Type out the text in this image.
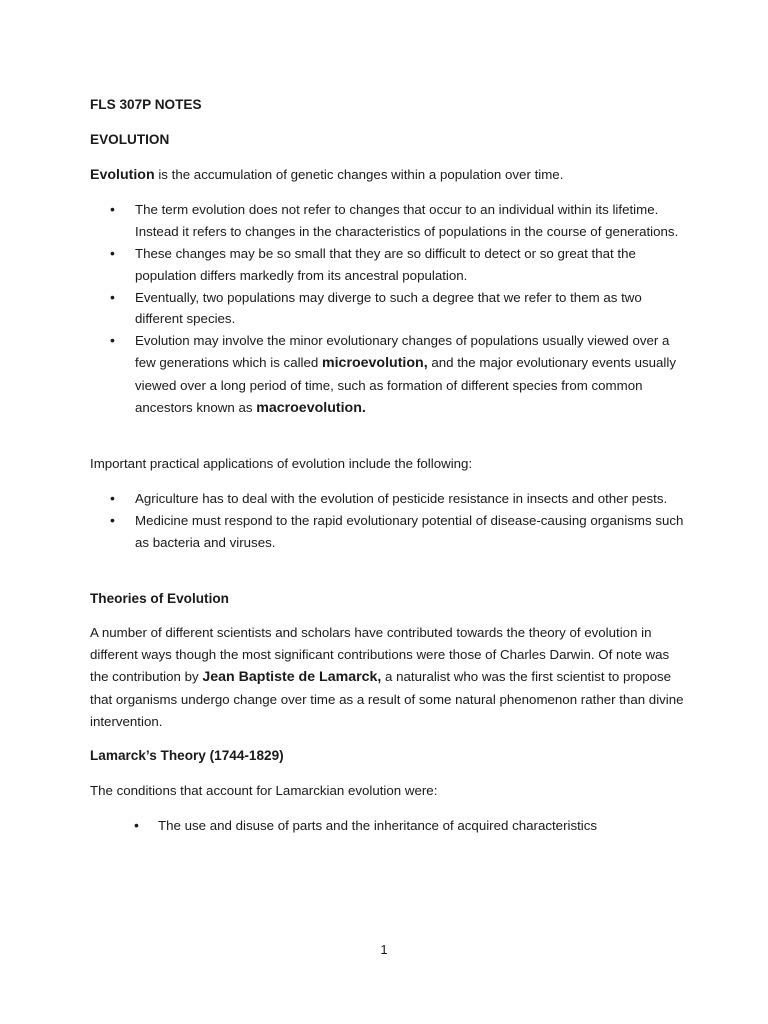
FLS 307P NOTES

EVOLUTION

Evolution is the accumulation of genetic changes within a population over time.

• The term evolution does not refer to changes that occur to an individual within its lifetime. Instead it refers to changes in the characteristics of populations in the course of generations.
• These changes may be so small that they are so difficult to detect or so great that the population differs markedly from its ancestral population.
• Eventually, two populations may diverge to such a degree that we refer to them as two different species.
• Evolution may involve the minor evolutionary changes of populations usually viewed over a few generations which is called microevolution, and the major evolutionary events usually viewed over a long period of time, such as formation of different species from common ancestors known as macroevolution.

Important practical applications of evolution include the following:

• Agriculture has to deal with the evolution of pesticide resistance in insects and other pests.
• Medicine must respond to the rapid evolutionary potential of disease-causing organisms such as bacteria and viruses.

Theories of Evolution

A number of different scientists and scholars have contributed towards the theory of evolution in different ways though the most significant contributions were those of Charles Darwin. Of note was the contribution by Jean Baptiste de Lamarck, a naturalist who was the first scientist to propose that organisms undergo change over time as a result of some natural phenomenon rather than divine intervention.

Lamarck’s Theory (1744-1829)

The conditions that account for Lamarckian evolution were:

• The use and disuse of parts and the inheritance of acquired characteristics
1
